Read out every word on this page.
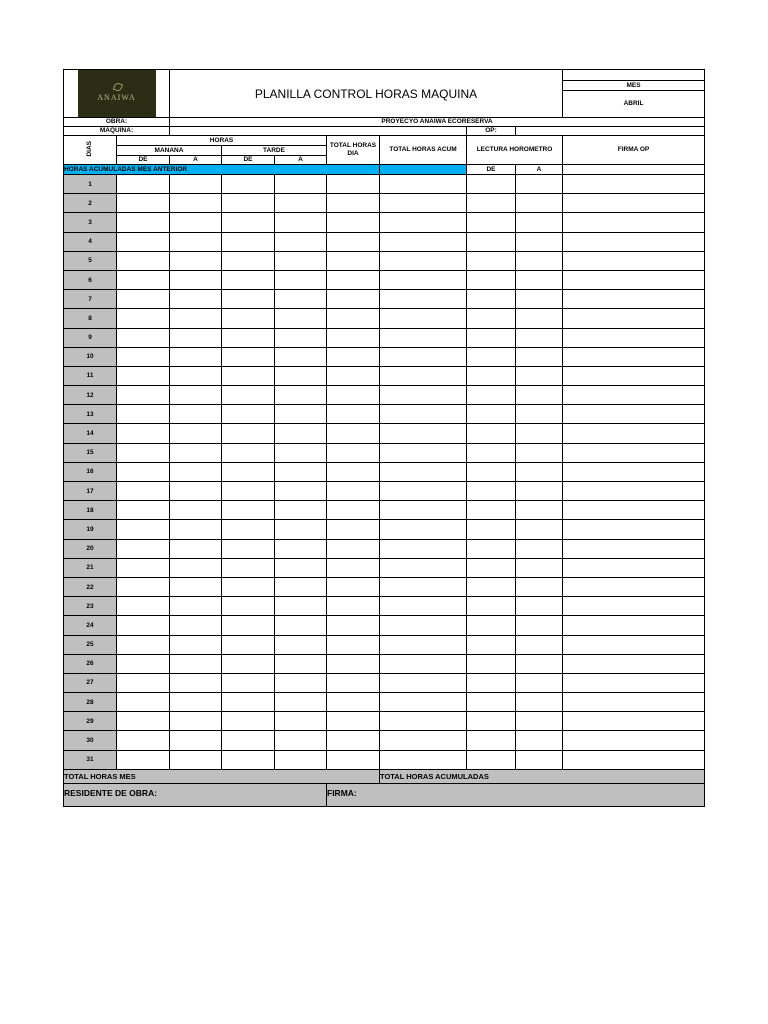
ANAIWA		PLANILLA CONTROL HORAS MAQUINA							
									MES
									ABRIL

OBRA:		PROYECYO ANAIWA ECORESERVA							
MAQUINA:							OP:		
DIAS	HORAS				TOTAL HORAS DIA	TOTAL HORAS ACUM	LECTURA HOROMETRO		FIRMA OP
	MANANA		TARDE						
	DE	A	DE	A					
HORAS ACUMULADAS MES ANTERIOR							DE	A	
1									
2									
3									
4									
5									
6									
7									
8									
9									
10									
11									
12									
13									
14									
15									
16									
17									
18									
19									
20									
21									
22									
23									
24									
25									
26									
27									
28									
29									
30									
31									
TOTAL HORAS MES						TOTAL HORAS ACUMULADAS			
RESIDENTE DE OBRA:					FIRMA:				
